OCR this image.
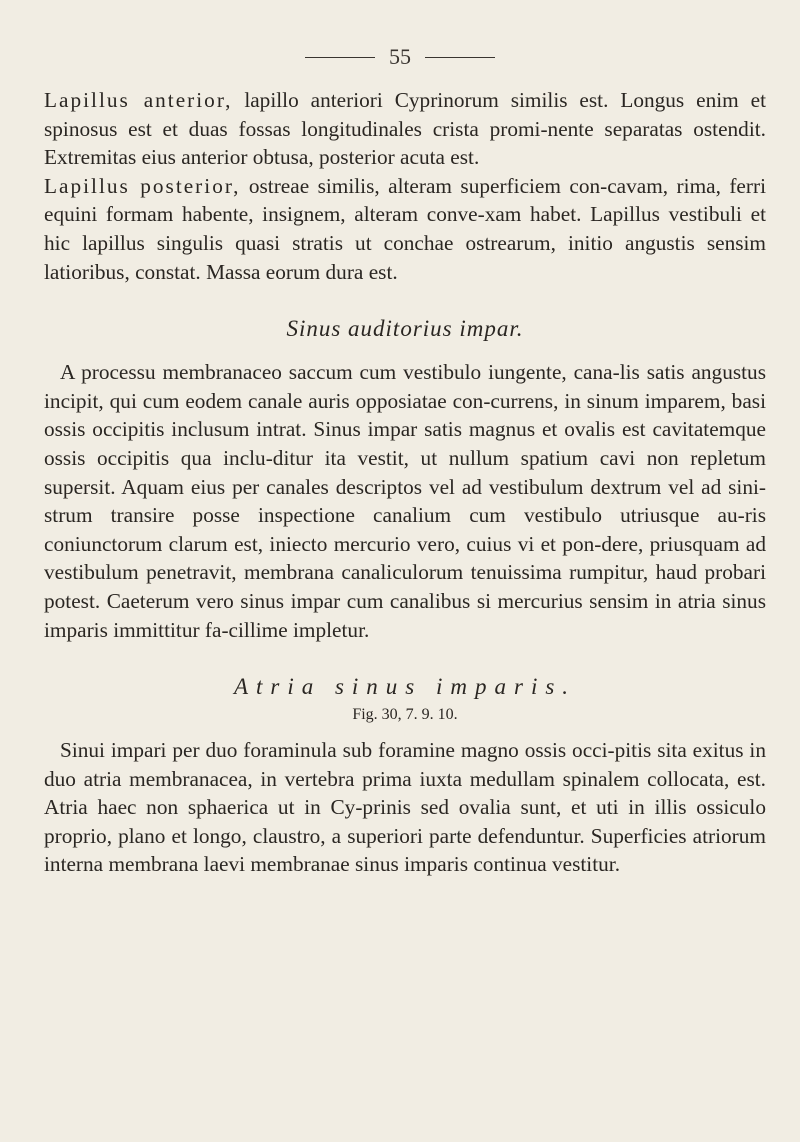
55

Lapillus anterior, lapillo anteriori Cyprinorum similis est. Longus enim et spinosus est et duas fossas longitudinales crista promi-nente separatas ostendit. Extremitas eius anterior obtusa, posterior acuta est.

Lapillus posterior, ostreae similis, alteram superficiem con-cavam, rima, ferri equini formam habente, insignem, alteram conve-xam habet. Lapillus vestibuli et hic lapillus singulis quasi stratis ut conchae ostrearum, initio angustis sensim latioribus, constat. Massa eorum dura est.

Sinus auditorius impar.

A processu membranaceo saccum cum vestibulo iungente, cana-lis satis angustus incipit, qui cum eodem canale auris opposiatae con-currens, in sinum imparem, basi ossis occipitis inclusum intrat. Sinus impar satis magnus et ovalis est cavitatemque ossis occipitis qua inclu-ditur ita vestit, ut nullum spatium cavi non repletum supersit. Aquam eius per canales descriptos vel ad vestibulum dextrum vel ad sini-strum transire posse inspectione canalium cum vestibulo utriusque au-ris coniunctorum clarum est, iniecto mercurio vero, cuius vi et pon-dere, priusquam ad vestibulum penetravit, membrana canaliculorum tenuissima rumpitur, haud probari potest. Caeterum vero sinus impar cum canalibus si mercurius sensim in atria sinus imparis immittitur fa-cillime impletur.

Atria sinus imparis.
Fig. 30, 7. 9. 10.

Sinui impari per duo foraminula sub foramine magno ossis occi-pitis sita exitus in duo atria membranacea, in vertebra prima iuxta medullam spinalem collocata, est. Atria haec non sphaerica ut in Cy-prinis sed ovalia sunt, et uti in illis ossiculo proprio, plano et longo, claustro, a superiori parte defenduntur. Superficies atriorum interna membrana laevi membranae sinus imparis continua vestitur.
